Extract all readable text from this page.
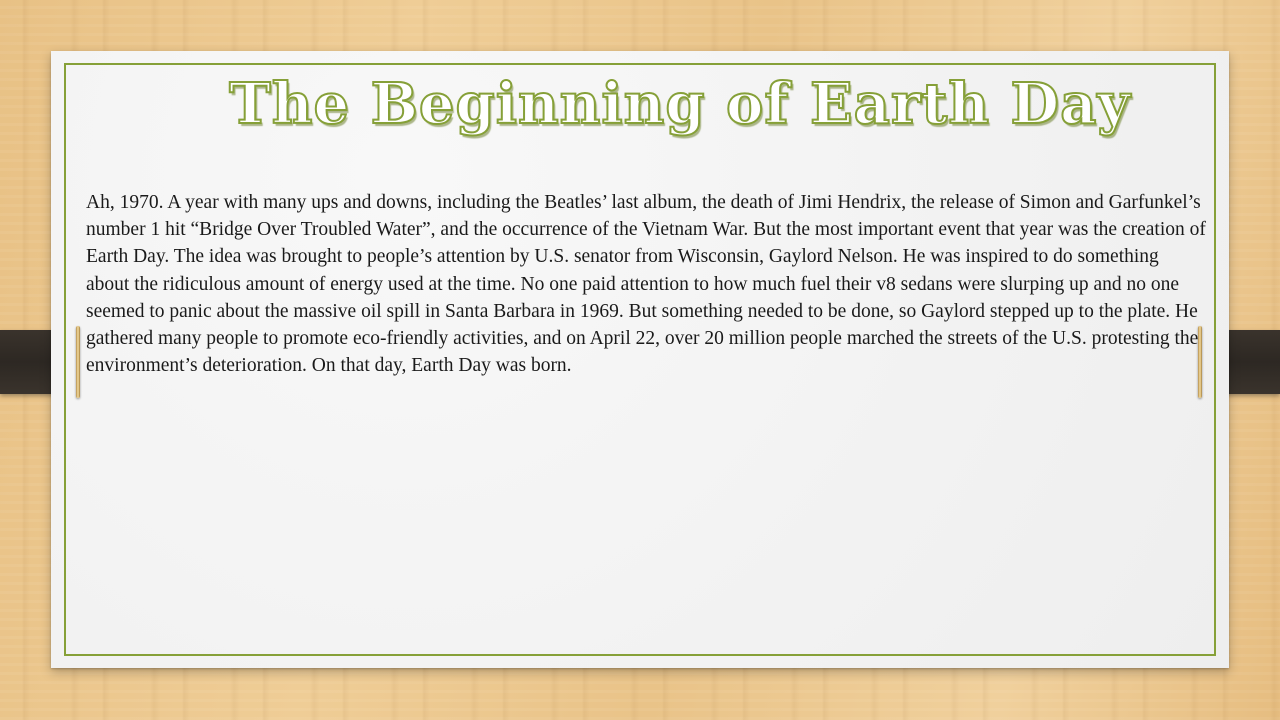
The Beginning of Earth Day

Ah, 1970. A year with many ups and downs, including the Beatles’ last album, the death of Jimi Hendrix, the release of Simon and Garfunkel’s number 1 hit “Bridge Over Troubled Water”, and the occurrence of the Vietnam War. But the most important event that year was the creation of Earth Day. The idea was brought to people’s attention by U.S. senator from Wisconsin, Gaylord Nelson. He was inspired to do something about the ridiculous amount of energy used at the time. No one paid attention to how much fuel their v8 sedans were slurping up and no one seemed to panic about the massive oil spill in Santa Barbara in 1969. But something needed to be done, so Gaylord stepped up to the plate. He gathered many people to promote eco-friendly activities, and on April 22, over 20 million people marched the streets of the U.S. protesting the environment’s deterioration. On that day, Earth Day was born.
